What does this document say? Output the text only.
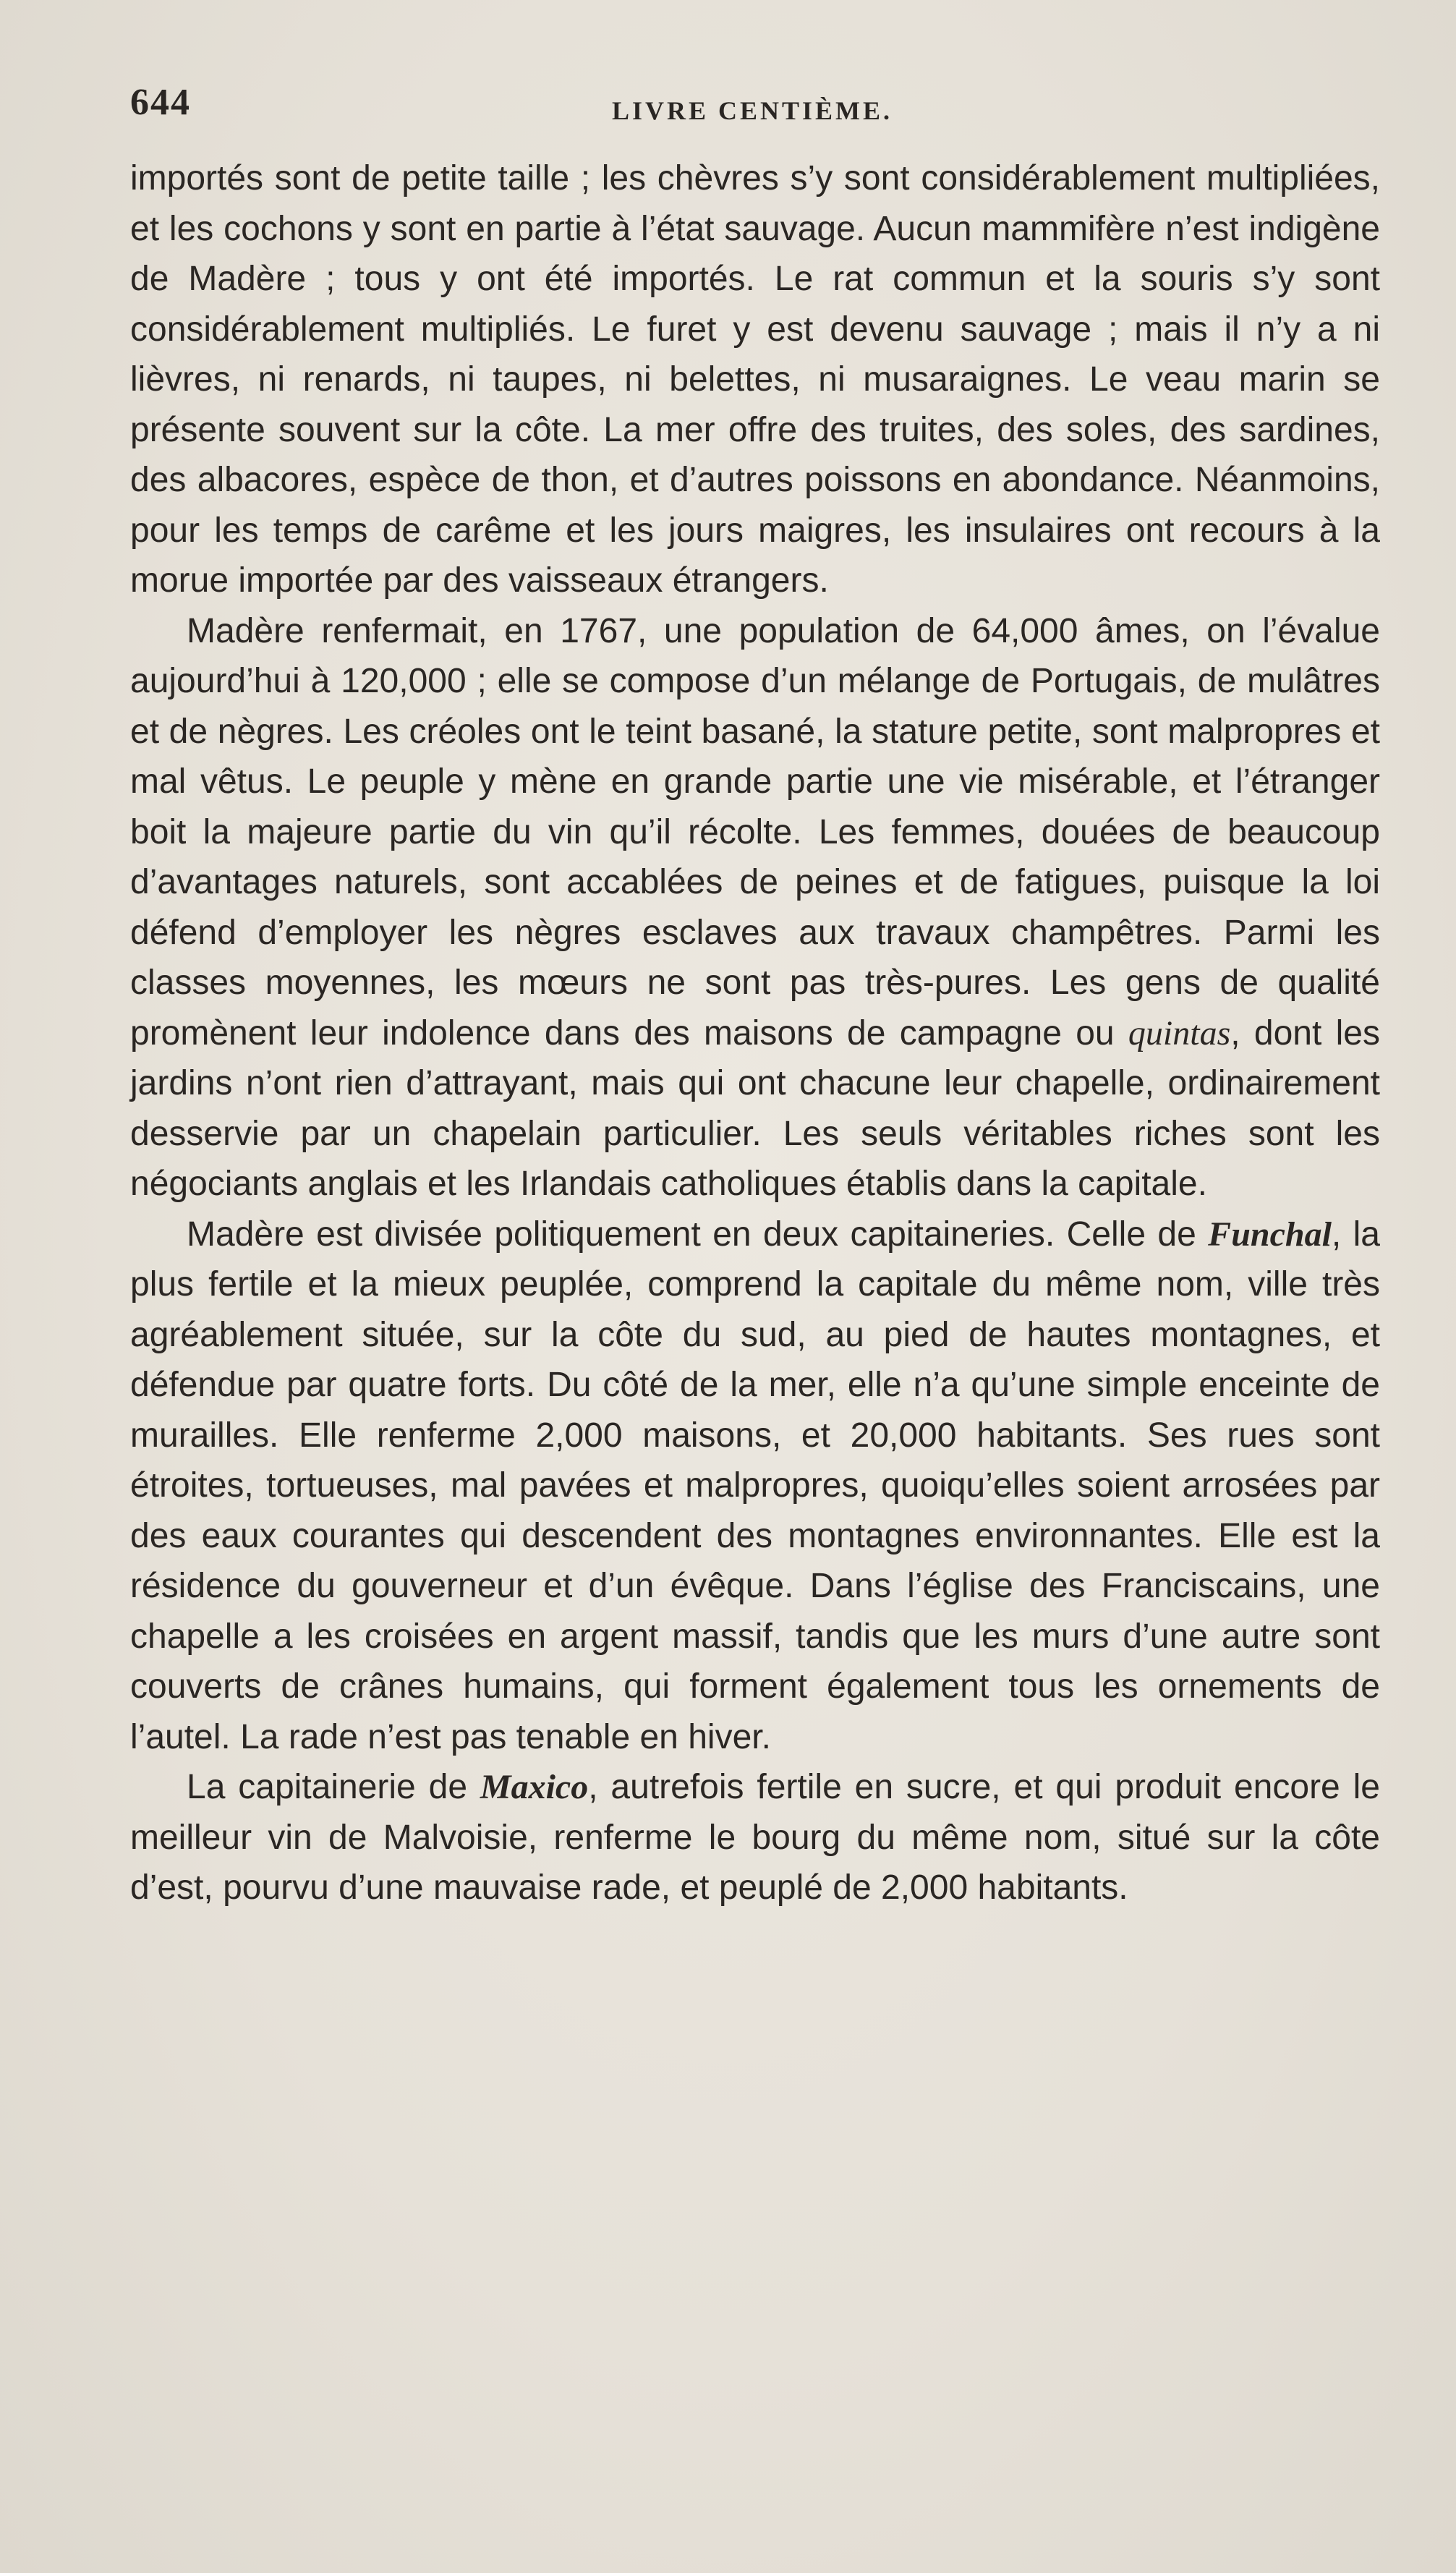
644	LIVRE CENTIÈME.

importés sont de petite taille ; les chèvres s’y sont considérablement multipliées, et les cochons y sont en partie à l’état sauvage. Aucun mammifère n’est indigène de Madère ; tous y ont été importés. Le rat commun et la souris s’y sont considérablement multipliés. Le furet y est devenu sauvage ; mais il n’y a ni lièvres, ni renards, ni taupes, ni belettes, ni musaraignes. Le veau marin se présente souvent sur la côte. La mer offre des truites, des soles, des sardines, des albacores, espèce de thon, et d’autres poissons en abondance. Néanmoins, pour les temps de carême et les jours maigres, les insulaires ont recours à la morue importée par des vaisseaux étrangers.

Madère renfermait, en 1767, une population de 64,000 âmes, on l’évalue aujourd’hui à 120,000 ; elle se compose d’un mélange de Portugais, de mulâtres et de nègres. Les créoles ont le teint basané, la stature petite, sont malpropres et mal vêtus. Le peuple y mène en grande partie une vie misérable, et l’étranger boit la majeure partie du vin qu’il récolte. Les femmes, douées de beaucoup d’avantages naturels, sont accablées de peines et de fatigues, puisque la loi défend d’employer les nègres esclaves aux travaux champêtres. Parmi les classes moyennes, les mœurs ne sont pas très-pures. Les gens de qualité promènent leur indolence dans des maisons de campagne ou quintas, dont les jardins n’ont rien d’attrayant, mais qui ont chacune leur chapelle, ordinairement desservie par un chapelain particulier. Les seuls véritables riches sont les négociants anglais et les Irlandais catholiques établis dans la capitale.

Madère est divisée politiquement en deux capitaineries. Celle de Funchal, la plus fertile et la mieux peuplée, comprend la capitale du même nom, ville très agréablement située, sur la côte du sud, au pied de hautes montagnes, et défendue par quatre forts. Du côté de la mer, elle n’a qu’une simple enceinte de murailles. Elle renferme 2,000 maisons, et 20,000 habitants. Ses rues sont étroites, tortueuses, mal pavées et malpropres, quoiqu’elles soient arrosées par des eaux courantes qui descendent des montagnes environnantes. Elle est la résidence du gouverneur et d’un évêque. Dans l’église des Franciscains, une chapelle a les croisées en argent massif, tandis que les murs d’une autre sont couverts de crânes humains, qui forment également tous les ornements de l’autel. La rade n’est pas tenable en hiver.

La capitainerie de Maxico, autrefois fertile en sucre, et qui produit encore le meilleur vin de Malvoisie, renferme le bourg du même nom, situé sur la côte d’est, pourvu d’une mauvaise rade, et peuplé de 2,000 habitants.
